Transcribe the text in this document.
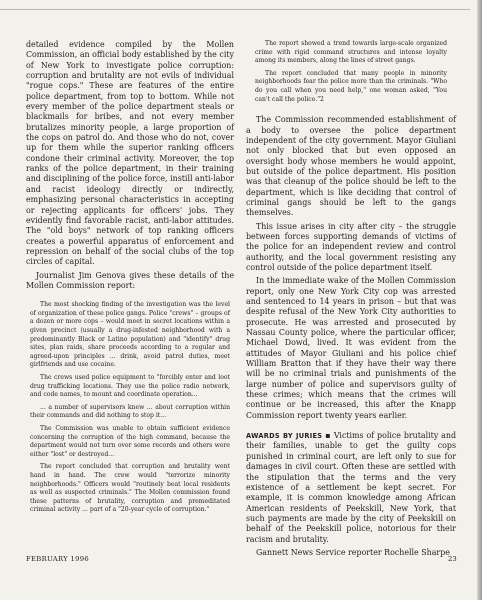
detailed evidence compiled by the Mollen Commission, an official body established by the city of New York to investigate police corruption: corruption and brutality are not evils of individual "rogue cops." These are features of the entire police department, from top to bottom. While not every member of the police department steals or blackmails for bribes, and not every member brutalizes minority people, a large proportion of the cops on patrol do. And those who do not, cover up for them while the superior ranking officers condone their criminal activity. Moreover, the top ranks of the police department, in their training and disciplining of the police force, instill anti-labor and racist ideology directly or indirectly, emphasizing personal characteristics in accepting or rejecting applicants for officers' jobs. They evidently find favorable racist, anti-labor attitudes. The "old boys" network of top ranking officers creates a powerful apparatus of enforcement and repression on behalf of the social clubs of the top circles of capital.

Journalist Jim Genova gives these details of the Mollen Commission report:

The most shocking finding of the investigation was the level of organization of these police gangs. Police "crews" – groups of a dozen or more cops – would meet in secret locations within a given precinct (usually a drug-infested neighborhood with a predominantly Black or Latino population) and "identify" drug sites, plan raids, share proceeds according to a regular and agreed-upon principles ... drink, avoid patrol duties, meet girlfriends and use cocaine.

The crews used police equipment to "forcibly enter and loot drug trafficking locations. They use the police radio network, and code names, to mount and coordinate operation...

... a number of supervisors knew ... about corruption within their commands and did nothing to stop it...

The Commission was unable to obtain sufficient evidence concerning the corruption of the high command, because the department would not turn over some records and others were either "lost" or destroyed...

The report concluded that corruption and brutality went hand in hand. The crew would "terrorize minority neighborhoods." Officers would "routinely beat local residents as well as suspected criminals." The Mollen commission found these patterns of brutality, corruption and premeditated criminal activity ... part of a "20-year cycle of corruption."

The report showed a trend towards large-scale organized crime with rigid command structures and intense loyalty among its members, along the lines of street gangs.

The report concluded that many people in minority neighborhoods fear the police more than the criminals. "Who do you call when you need help," one woman asked, "You can't call the police."2

The Commission recommended establishment of a body to oversee the police department independent of the city government. Mayor Giuliani not only blocked that but even opposed an oversight body whose members he would appoint, but outside of the police department. His position was that cleanup of the police should be left to the department, which is like deciding that control of criminal gangs should be left to the gangs themselves.

This issue arises in city after city – the struggle between forces supporting demands of victims of the police for an independent review and control authority, and the local government resisting any control outside of the police department itself.

In the immediate wake of the Mollen Commission report, only one New York City cop was arrested and sentenced to 14 years in prison – but that was despite refusal of the New York City authorities to prosecute. He was arrested and prosecuted by Nassau County police, where the particular officer, Michael Dowd, lived. It was evident from the attitudes of Mayor Giuliani and his police chief William Bratton that if they have their way there will be no criminal trials and punishments of the large number of police and supervisors guilty of these crimes; which means that the crimes will continue or be increased, this after the Knapp Commission report twenty years earlier.

AWARDS BY JURIES ▪ Victims of police brutality and their families, unable to get the guilty cops punished in criminal court, are left only to sue for damages in civil court. Often these are settled with the stipulation that the terms and the very existence of a settlement be kept secret. For example, it is common knowledge among African American residents of Peekskill, New York, that such payments are made by the city of Peekskill on behalf of the Peekskill police, notorious for their racism and brutality.

Gannett News Service reporter Rochelle Sharpe

FEBRUARY 1996	23
